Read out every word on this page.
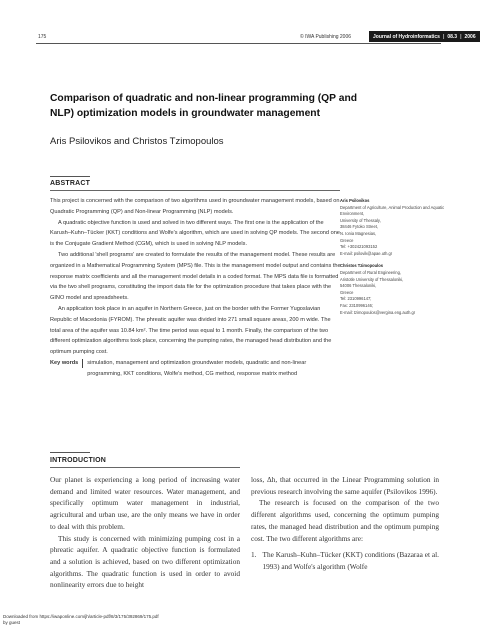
175	© IWA Publishing 2006	Journal of Hydroinformatics | 08.3 | 2006
Comparison of quadratic and non-linear programming (QP and NLP) optimization models in groundwater management
Aris Psilovikos and Christos Tzimopoulos
ABSTRACT

This project is concerned with the comparison of two algorithms used in groundwater management models, based on Quadratic Programming (QP) and Non-linear Programming (NLP) models.

A quadratic objective function is used and solved in two different ways. The first one is the application of the Karush–Kuhn–Tücker (KKT) conditions and Wolfe's algorithm, which are used in solving QP models. The second one is the Conjugate Gradient Method (CGM), which is used in solving NLP models.

Two additional 'shell programs' are created to formulate the results of the management model. These results are organized in a Mathematical Programming System (MPS) file. This is the management model output and contains the response matrix coefficients and all the management model details in a coded format. The MPS data file is formatted via the two shell programs, constituting the import data file for the optimization procedure that takes place with the GINO model and spreadsheets.

An application took place in an aquifer in Northern Greece, just on the border with the Former Yugoslavian Republic of Macedonia (FYROM). The phreatic aquifer was divided into 271 small square areas, 200 m wide. The total area of the aquifer was 10.84 km². The time period was equal to 1 month. Finally, the comparison of the two different optimization algorithms took place, concerning the pumping rates, the managed head distribution and the optimum pumping cost.

Key words simulation, management and optimization groundwater models, quadratic and non-linear programming, KKT conditions, Wolfe's method, CG method, response matrix method

Aris Psilovikos

Department of Agriculture, Animal Production and Aquatic Environment,

University of Thessaly,

38446 Fytoko Street,

N. Ionia Magnesias,

Greece

Tel: +302421093152

E-mail: psilovik@apae.uth.gr

Christos Tzimopoulos

Department of Rural Engineering,

Aristotle University of Thessaloniki,

54006 Thessaloniki,

Greece

Tel: 2310996147;

Fax: 2310996146;

E-mail: tzimopoulos@vergina.eng.auth.gr

INTRODUCTION

Our planet is experiencing a long period of increasing water demand and limited water resources. Water management, and specifically optimum water management in industrial, agricultural and urban use, are the only means we have in order to deal with this problem.

This study is concerned with minimizing pumping cost in a phreatic aquifer. A quadratic objective function is formulated and a solution is achieved, based on two different optimization algorithms. The quadratic function is used in order to avoid nonlinearity errors due to height

loss, Δh, that occurred in the Linear Programming solution in previous research involving the same aquifer (Psilovikos 1996).

The research is focused on the comparison of the two different algorithms used, concerning the optimum pumping rates, the managed head distribution and the optimum pumping cost. The two different algorithms are:

1. The Karush–Kuhn–Tücker (KKT) conditions (Bazaraa et al. 1993) and Wolfe's algorithm (Wolfe
Downloaded from https://iwaponline.com/jh/article-pdf/8/3/175/392869/175.pdf
by guest
